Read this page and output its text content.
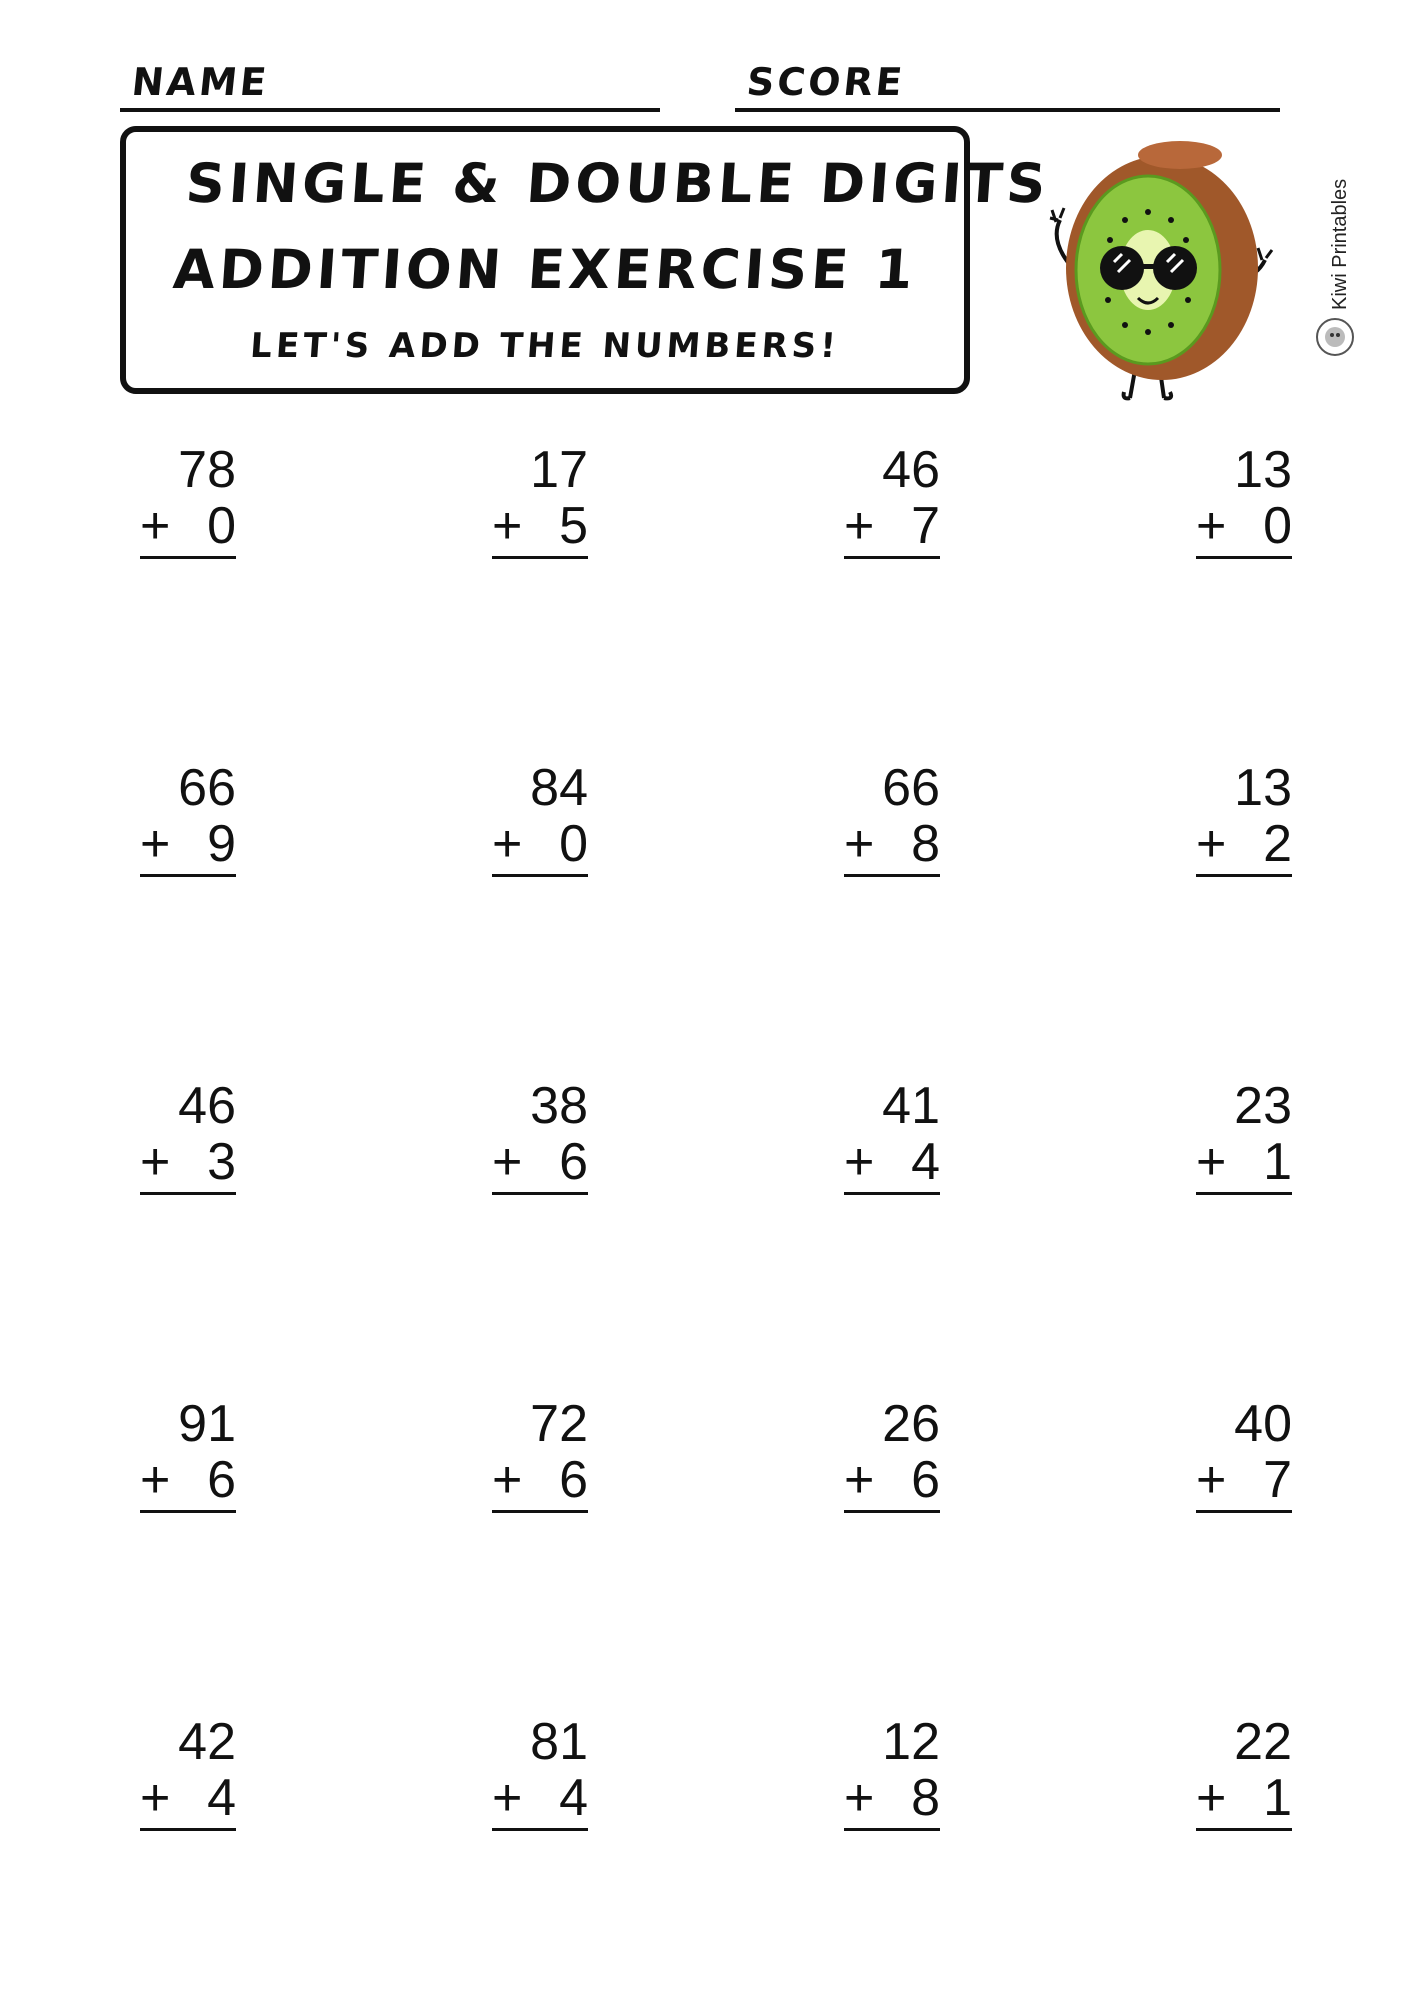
NAME	SCORE
SINGLE & DOUBLE DIGITS
ADDITION EXERCISE 1
LET'S ADD THE NUMBERS!
Kiwi Printables
78
+ 0
17
+ 5
46
+ 7
13
+ 0
66
+ 9
84
+ 0
66
+ 8
13
+ 2
46
+ 3
38
+ 6
41
+ 4
23
+ 1
91
+ 6
72
+ 6
26
+ 6
40
+ 7
42
+ 4
81
+ 4
12
+ 8
22
+ 1
